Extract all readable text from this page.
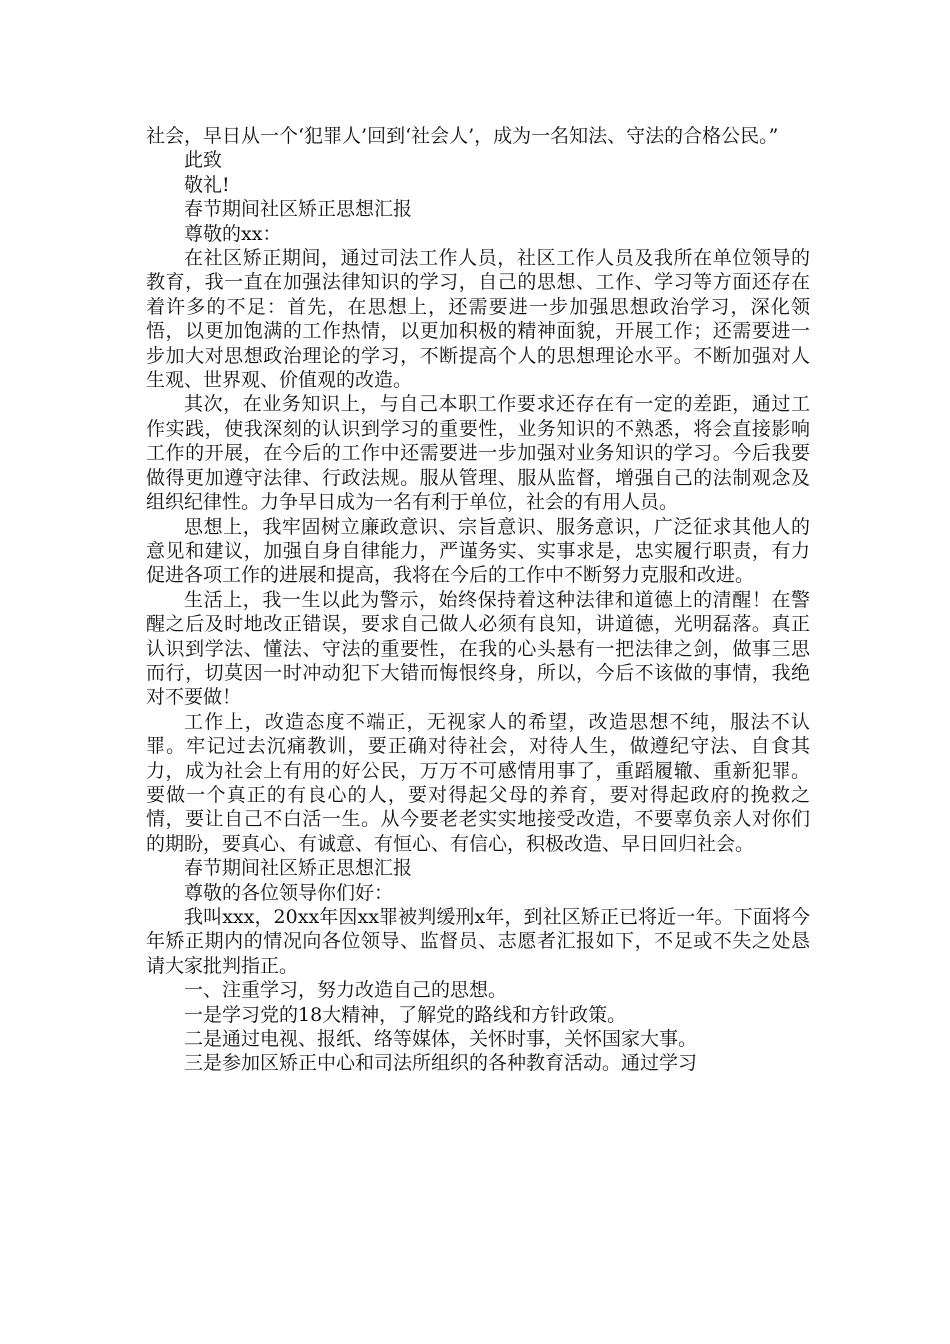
社会，早日从一个‘犯罪人’回到‘社会人’，成为一名知法、守法的合格公民。”

此致

敬礼!

春节期间社区矫正思想汇报

尊敬的xx：

在社区矫正期间，通过司法工作人员，社区工作人员及我所在单位领导的教育，我一直在加强法律知识的学习，自己的思想、工作、学习等方面还存在着许多的不足：首先，在思想上，还需要进一步加强思想政治学习，深化领悟，以更加饱满的工作热情，以更加积极的精神面貌，开展工作；还需要进一步加大对思想政治理论的学习，不断提高个人的思想理论水平。不断加强对人生观、世界观、价值观的改造。

其次，在业务知识上，与自己本职工作要求还存在有一定的差距，通过工作实践，使我深刻的认识到学习的重要性，业务知识的不熟悉，将会直接影响工作的开展，在今后的工作中还需要进一步加强对业务知识的学习。今后我要做得更加遵守法律、行政法规。服从管理、服从监督，增强自己的法制观念及组织纪律性。力争早日成为一名有利于单位，社会的有用人员。

思想上，我牢固树立廉政意识、宗旨意识、服务意识，广泛征求其他人的意见和建议，加强自身自律能力，严谨务实、实事求是，忠实履行职责，有力促进各项工作的进展和提高，我将在今后的工作中不断努力克服和改进。

生活上，我一生以此为警示，始终保持着这种法律和道德上的清醒！在警醒之后及时地改正错误，要求自己做人必须有良知，讲道德，光明磊落。真正认识到学法、懂法、守法的重要性，在我的心头悬有一把法律之剑，做事三思而行，切莫因一时冲动犯下大错而悔恨终身，所以，今后不该做的事情，我绝对不要做！

工作上，改造态度不端正，无视家人的希望，改造思想不纯，服法不认罪。牢记过去沉痛教训，要正确对待社会，对待人生，做遵纪守法、自食其力，成为社会上有用的好公民，万万不可感情用事了，重蹈履辙、重新犯罪。要做一个真正的有良心的人，要对得起父母的养育，要对得起政府的挽救之情，要让自己不白活一生。从今要老老实实地接受改造，不要辜负亲人对你们的期盼，要真心、有诚意、有恒心、有信心，积极改造、早日回归社会。

春节期间社区矫正思想汇报

尊敬的各位领导你们好：

我叫xxx，20xx年因xx罪被判缓刑x年，到社区矫正已将近一年。下面将今年矫正期内的情况向各位领导、监督员、志愿者汇报如下，不足或不失之处恳请大家批判指正。

一、注重学习，努力改造自己的思想。

一是学习党的18大精神，了解党的路线和方针政策。

二是通过电视、报纸、络等媒体，关怀时事，关怀国家大事。

三是参加区矫正中心和司法所组织的各种教育活动。通过学习
